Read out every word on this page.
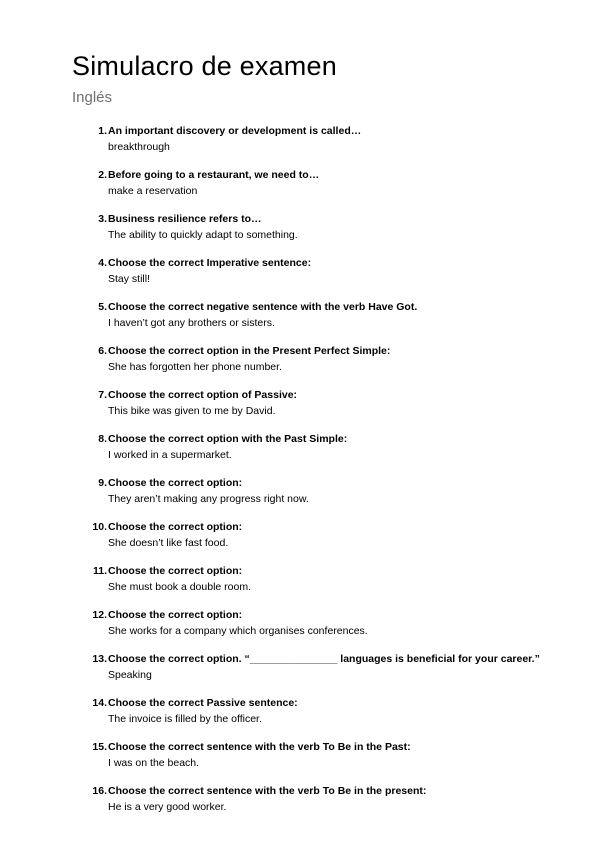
Simulacro de examen
Inglés
1. An important discovery or development is called…
breakthrough
2. Before going to a restaurant, we need to…
make a reservation
3. Business resilience refers to…
The ability to quickly adapt to something.
4. Choose the correct Imperative sentence:
Stay still!
5. Choose the correct negative sentence with the verb Have Got.
I haven’t got any brothers or sisters.
6. Choose the correct option in the Present Perfect Simple:
She has forgotten her phone number.
7. Choose the correct option of Passive:
This bike was given to me by David.
8. Choose the correct option with the Past Simple:
I worked in a supermarket.
9. Choose the correct option:
They aren’t making any progress right now.
10. Choose the correct option:
She doesn’t like fast food.
11. Choose the correct option:
She must book a double room.
12. Choose the correct option:
She works for a company which organises conferences.
13. Choose the correct option. “_______________ languages is beneficial for your career.”
Speaking
14. Choose the correct Passive sentence:
The invoice is filled by the officer.
15. Choose the correct sentence with the verb To Be in the Past:
I was on the beach.
16. Choose the correct sentence with the verb To Be in the present:
He is a very good worker.
